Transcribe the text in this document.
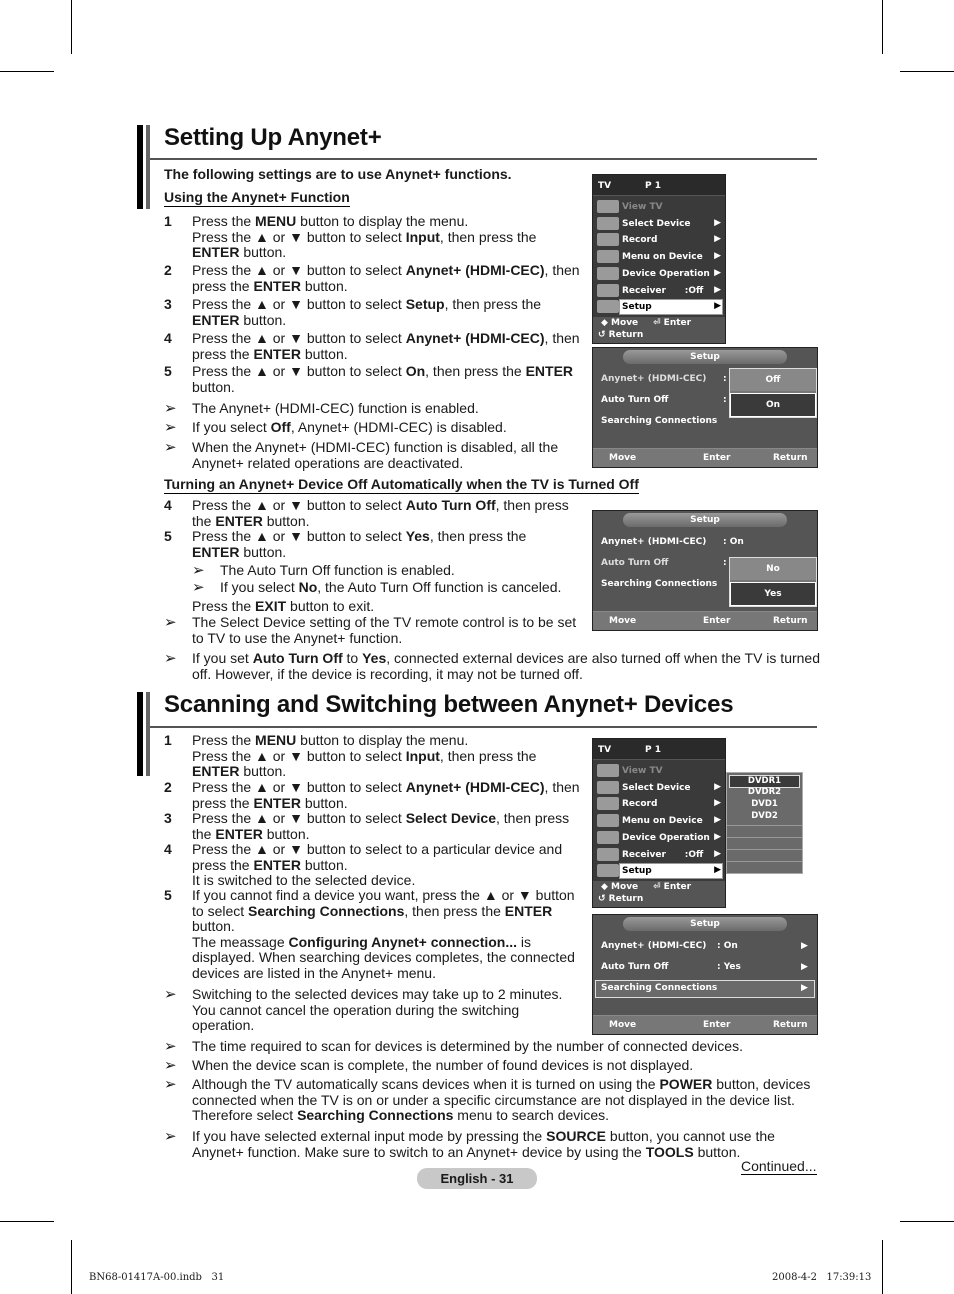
Setting Up Anynet+
The following settings are to use Anynet+ functions.
Using the Anynet+ Function
1	Press the MENU button to display the menu.
Press the ▲ or ▼ button to select Input, then press the
ENTER button.
2	Press the ▲ or ▼ button to select Anynet+ (HDMI-CEC), then
press the ENTER button.
3	Press the ▲ or ▼ button to select Setup, then press the
ENTER button.
4	Press the ▲ or ▼ button to select Anynet+ (HDMI-CEC), then
press the ENTER button.
5	Press the ▲ or ▼ button to select On, then press the ENTER
button.
➢ The Anynet+ (HDMI-CEC) function is enabled.
➢ If you select Off, Anynet+ (HDMI-CEC) is disabled.
➢ When the Anynet+ (HDMI-CEC) function is disabled, all the
Anynet+ related operations are deactivated.
Turning an Anynet+ Device Off Automatically when the TV is Turned Off
4	Press the ▲ or ▼ button to select Auto Turn Off, then press
the ENTER button.
5	Press the ▲ or ▼ button to select Yes, then press the
ENTER button.
➢ The Auto Turn Off function is enabled.
➢ If you select No, the Auto Turn Off function is canceled.
Press the EXIT button to exit.
➢ The Select Device setting of the TV remote control is to be set
to TV to use the Anynet+ function.
➢ If you set Auto Turn Off to Yes, connected external devices are also turned off when the TV is turned
off. However, if the device is recording, it may not be turned off.
Scanning and Switching between Anynet+ Devices
1	Press the MENU button to display the menu.
Press the ▲ or ▼ button to select Input, then press the
ENTER button.
2	Press the ▲ or ▼ button to select Anynet+ (HDMI-CEC), then
press the ENTER button.
3	Press the ▲ or ▼ button to select Select Device, then press
the ENTER button.
4	Press the ▲ or ▼ button to select to a particular device and
press the ENTER button.
It is switched to the selected device.
5	If you cannot find a device you want, press the ▲ or ▼ button
to select Searching Connections, then press the ENTER
button.
The meassage Configuring Anynet+ connection... is
displayed. When searching devices completes, the connected
devices are listed in the Anynet+ menu.
➢ Switching to the selected devices may take up to 2 minutes.
You cannot cancel the operation during the switching
operation.
➢ The time required to scan for devices is determined by the number of connected devices.
➢ When the device scan is complete, the number of found devices is not displayed.
➢ Although the TV automatically scans devices when it is turned on using the POWER button, devices
connected when the TV is on or under a specific circumstance are not displayed in the device list.
Therefore select Searching Connections menu to search devices.
➢ If you have selected external input mode by pressing the SOURCE button, you cannot use the
Anynet+ function. Make sure to switch to an Anynet+ device by using the TOOLS button.
TV	P 1
View TV
Select Device	▶
Record	▶
Menu on Device ▶
Device Operation ▶
Receiver      :Off ▶
Setup	▶
◆ Move ⏎ Enter
↺ Return
TV	P 1
View TV
Select Device	▶
Record	▶
Menu on Device ▶
Device Operation ▶
Receiver      :Off ▶
Setup	▶
◆ Move ⏎ Enter
↺ Return
Setup
Anynet+ (HDMI-CEC) :
Auto Turn Off	:
Searching Connections
Off
On
Move	Enter	Return
Setup
Anynet+ (HDMI-CEC) : On
Auto Turn Off	:
Searching Connections
No
Yes
Move	Enter	Return
DVDR1
DVDR2
DVD1
DVD2
Setup
Anynet+ (HDMI-CEC) : On	▶
Auto Turn Off	: Yes	▶
Searching Connections	▶
Move	Enter	Return
Continued...
English - 31
BN68-01417A-00.indb   31	2008-4-2   17:39:13
